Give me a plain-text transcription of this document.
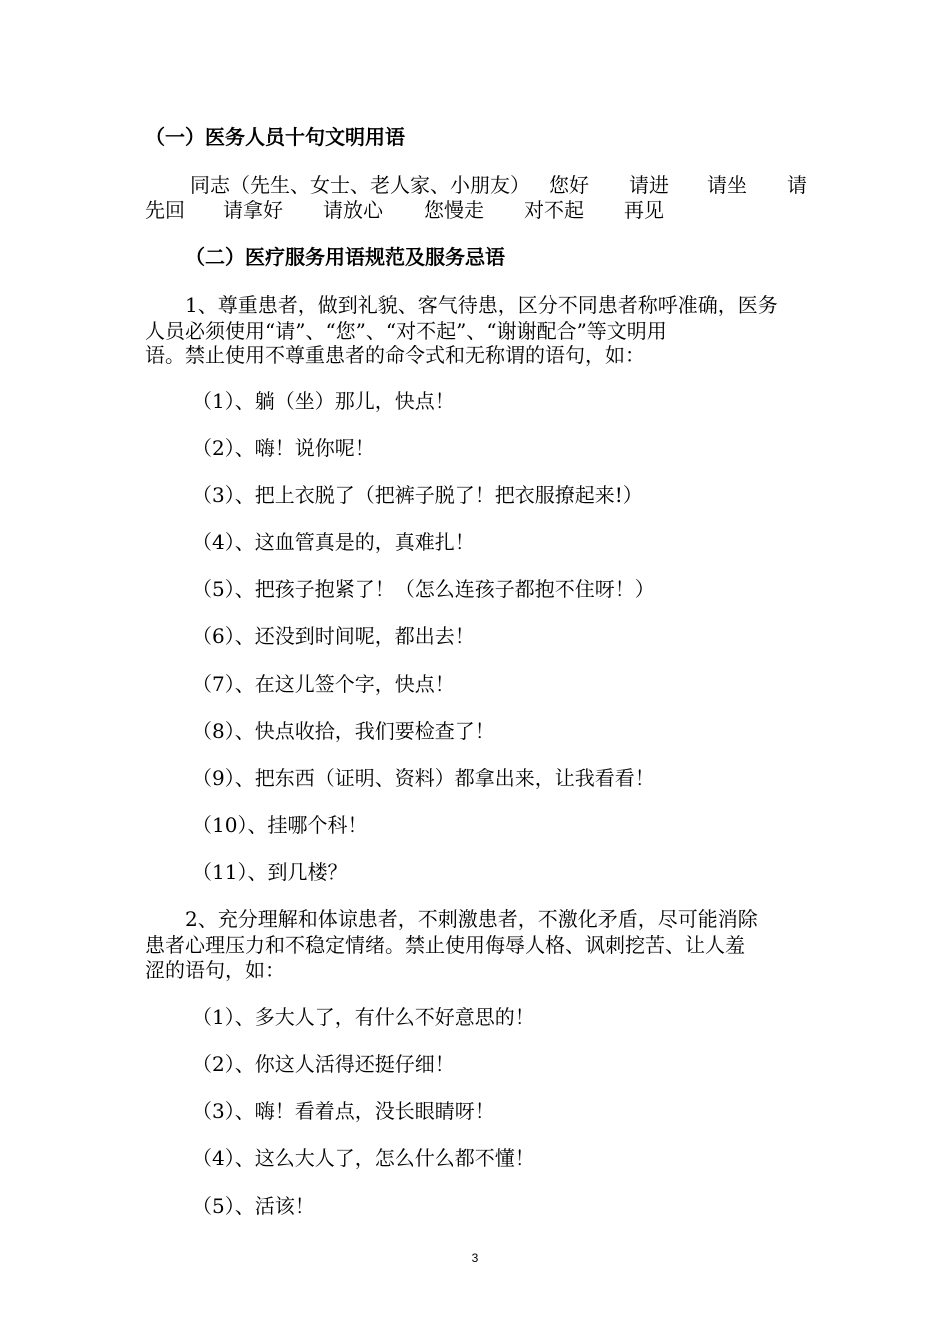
（一）医务人员十句文明用语
同志（先生、女士、老人家、小朋友） 您好 请进 请坐 请
先回 请拿好 请放心 您慢走 对不起 再见
（二）医疗服务用语规范及服务忌语
1、尊重患者，做到礼貌、客气待患，区分不同患者称呼准确，医务
人员必须使用“请”、“您”、“对不起”、“谢谢配合”等文明用
语。禁止使用不尊重患者的命令式和无称谓的语句，如：
（1）、躺（坐）那儿，快点！
（2）、嗨！说你呢！
（3）、把上衣脱了（把裤子脱了！把衣服撩起来!）
（4）、这血管真是的，真难扎！
（5）、把孩子抱紧了！（怎么连孩子都抱不住呀！）
（6）、还没到时间呢，都出去！
（7）、在这儿签个字，快点！
（8）、快点收拾，我们要检查了！
（9）、把东西（证明、资料）都拿出来，让我看看！
（10）、挂哪个科！
（11）、到几楼？
2、充分理解和体谅患者，不刺激患者，不激化矛盾，尽可能消除
患者心理压力和不稳定情绪。禁止使用侮辱人格、讽刺挖苦、让人羞
涩的语句，如：
（1）、多大人了，有什么不好意思的！
（2）、你这人活得还挺仔细！
（3）、嗨！看着点，没长眼睛呀！
（4）、这么大人了，怎么什么都不懂！
（5）、活该！
3
